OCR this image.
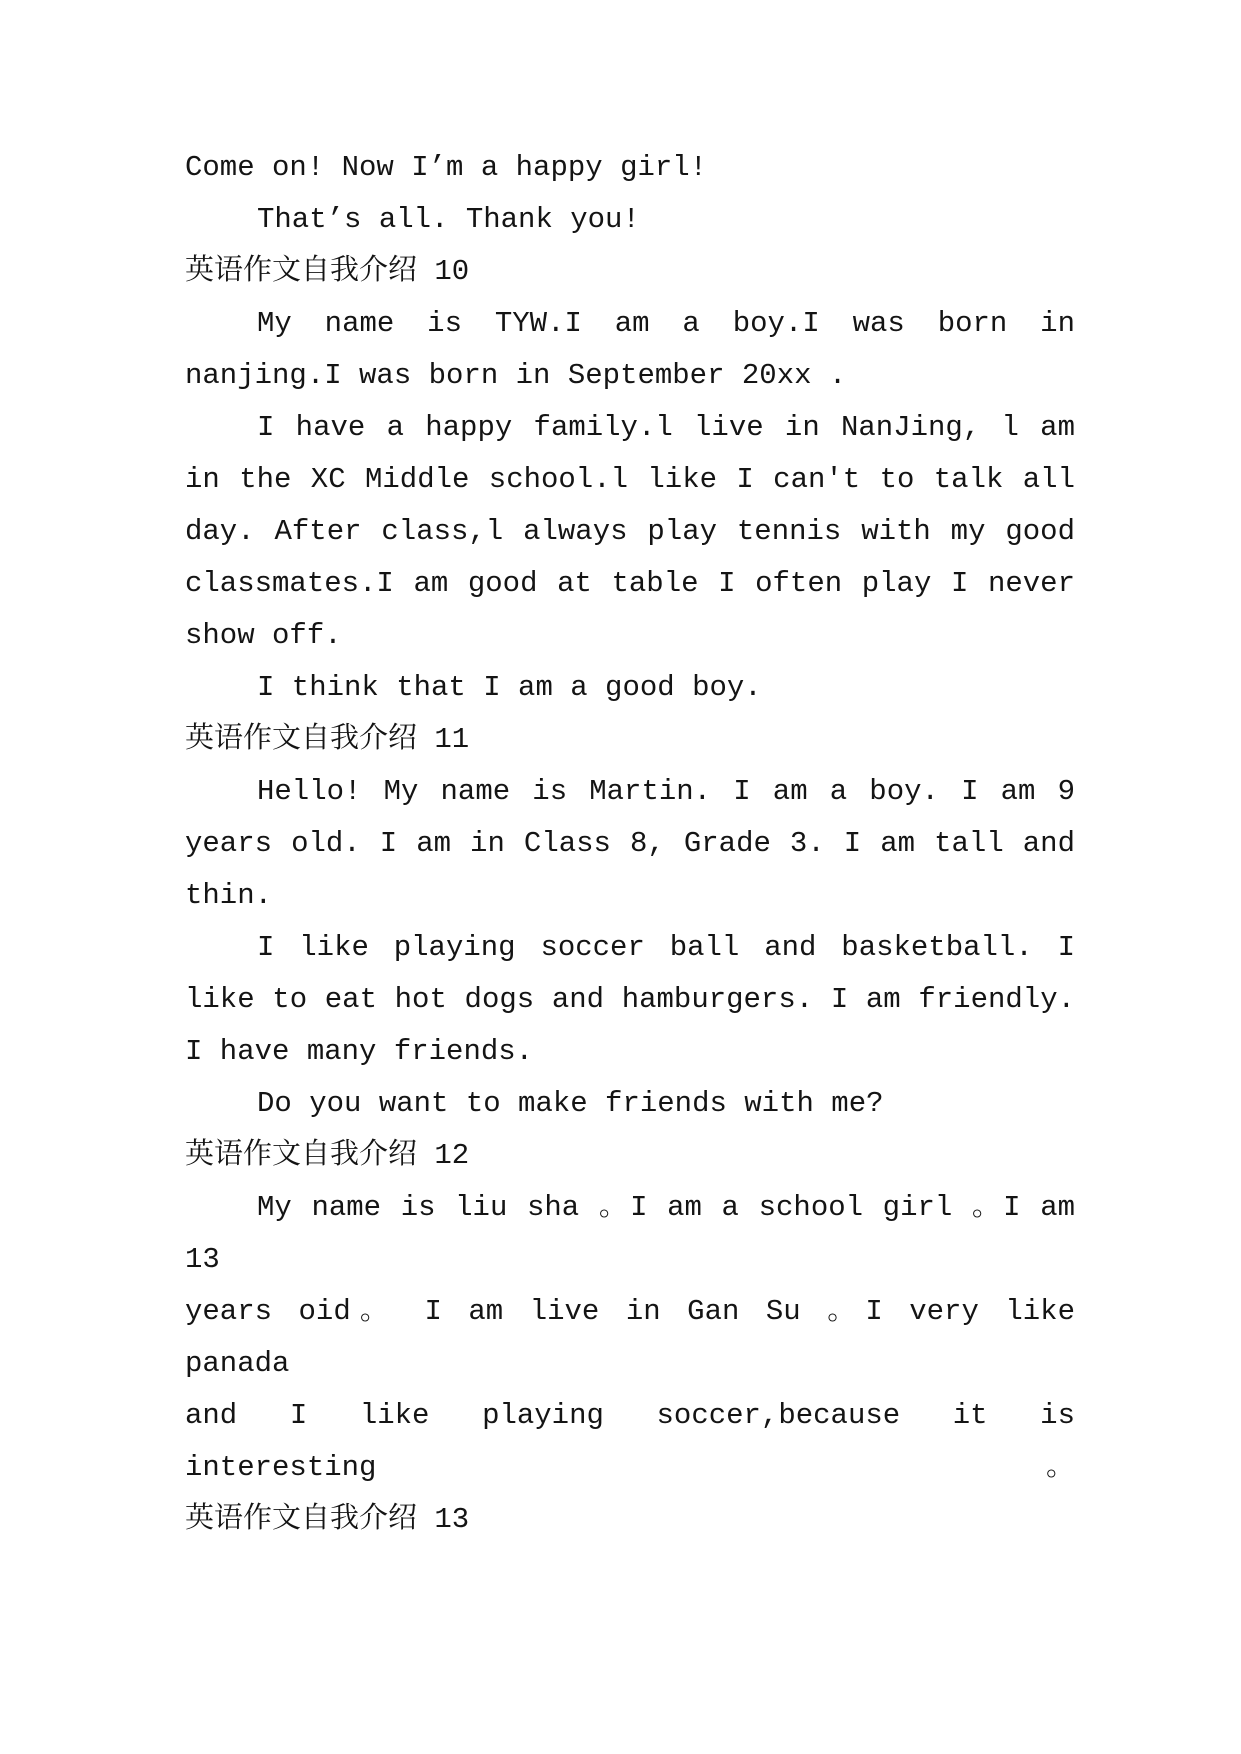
Come on! Now I’m a happy girl!
That’s all. Thank you!
英语作文自我介绍 10
My name is TYW.I am a boy.I was born in
nanjing.I was born in September 20xx .
I have a happy family.l live in NanJing, l am
in the XC Middle school.l like I can't to talk all
day. After class,l always play tennis with my good
classmates.I am good at table I often play I never
show off.
I think that I am a good boy.
英语作文自我介绍 11
Hello! My name is Martin. I am a boy. I am 9
years old. I am in Class 8, Grade 3. I am tall and
thin.
I like playing soccer ball and basketball. I
like to eat hot dogs and hamburgers. I am friendly.
I have many friends.
Do you want to make friends with me?
英语作文自我介绍 12
My name is liu sha 。I am a school girl 。I am 13
years oid。 I am live in Gan Su 。I very like panada
and I like playing soccer,because it is interesting。
英语作文自我介绍 13
